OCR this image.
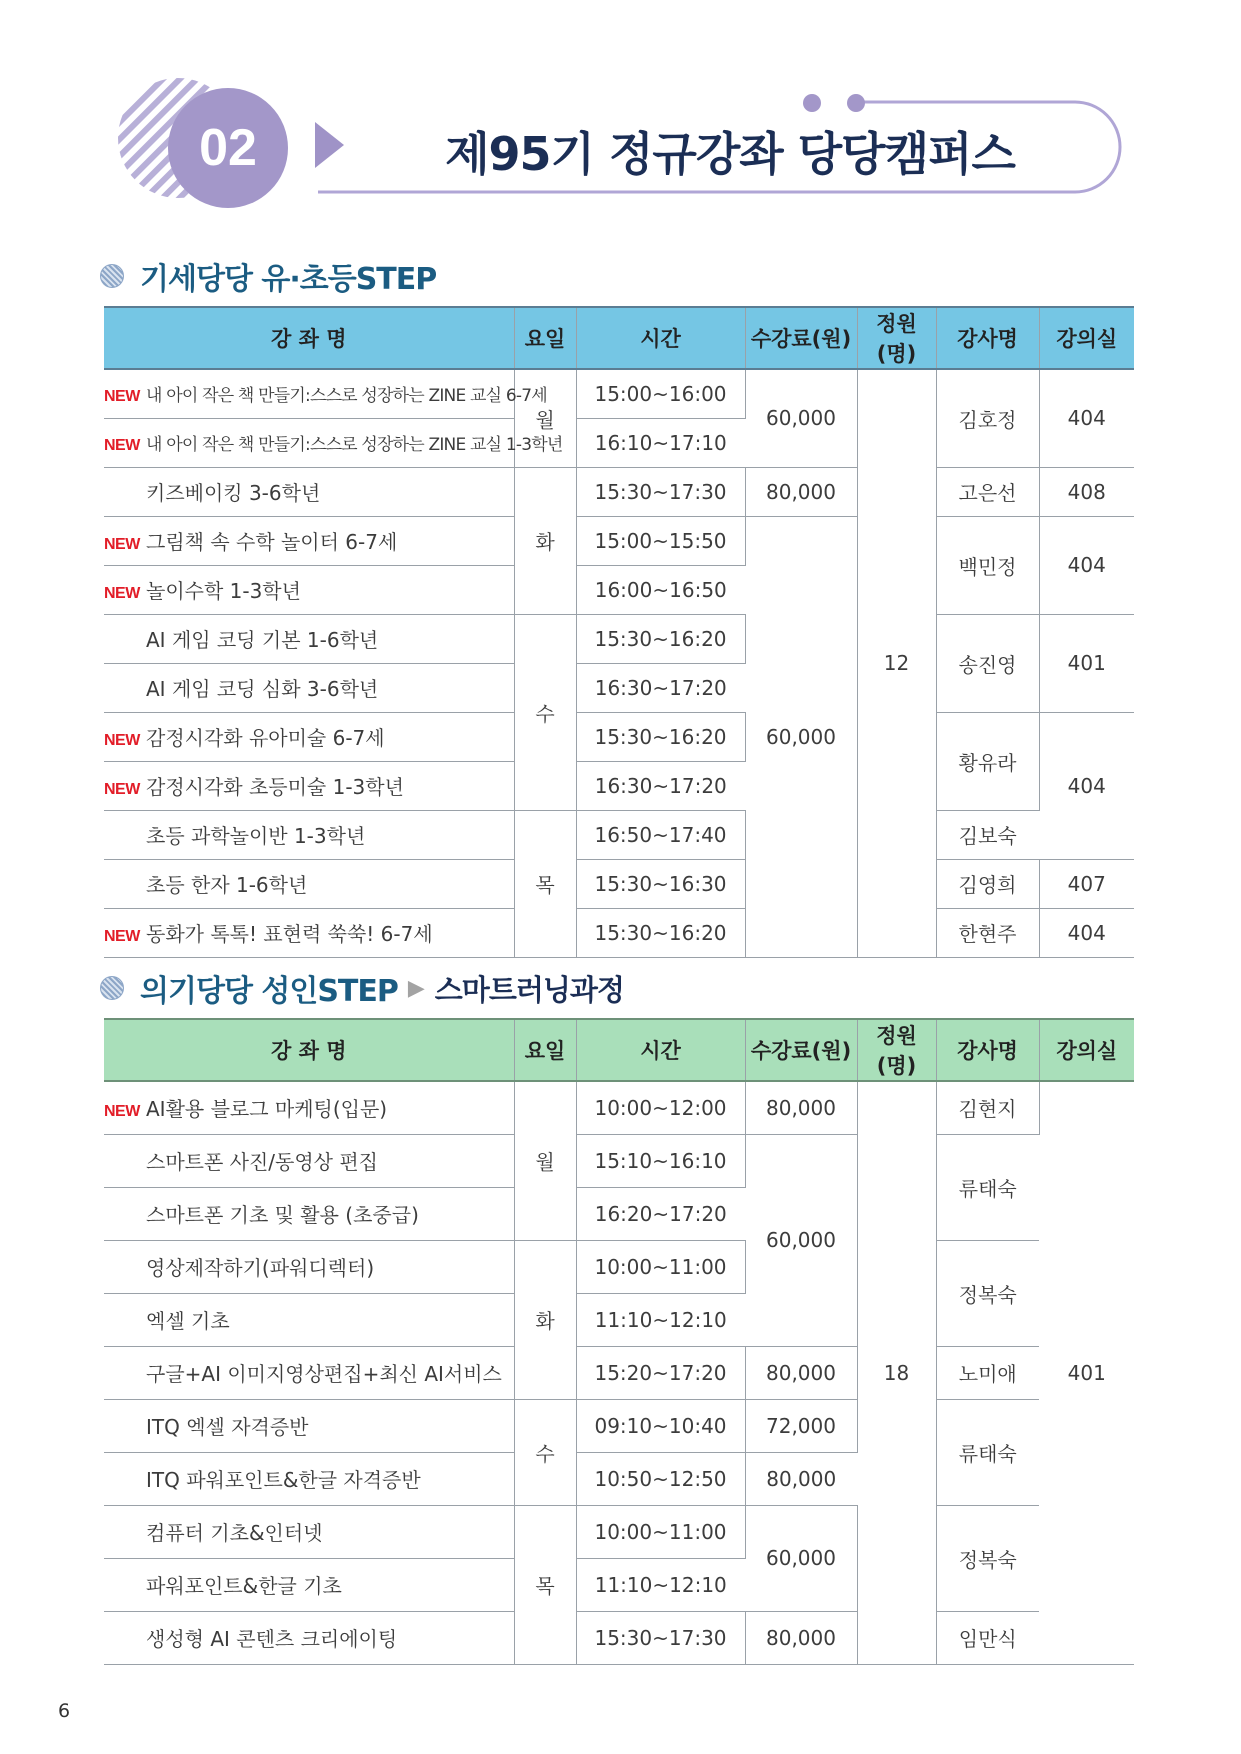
02	제95기 정규강좌 당당캠퍼스
기세당당 유·초등STEP
강 좌 명	요일	시간	수강료(원)	정원(명)	강사명	강의실
NEW 내 아이 작은 책 만들기:스스로 성장하는 ZINE 교실 6-7세	월	15:00~16:00	60,000	12	김호정	404
NEW 내 아이 작은 책 만들기:스스로 성장하는 ZINE 교실 1-3학년		16:10~17:10				
키즈베이킹 3-6학년	화	15:30~17:30	80,000		고은선	408
NEW 그림책 속 수학 놀이터 6-7세		15:00~15:50	60,000		백민정	404
NEW 놀이수학 1-3학년		16:00~16:50				
AI 게임 코딩 기본 1-6학년	수	15:30~16:20			송진영	401
AI 게임 코딩 심화 3-6학년		16:30~17:20				
NEW 감정시각화 유아미술 6-7세		15:30~16:20			황유라	404
NEW 감정시각화 초등미술 1-3학년		16:30~17:20				
초등 과학놀이반 1-3학년	목	16:50~17:40			김보숙	
초등 한자 1-6학년		15:30~16:30			김영희	407
NEW 동화가 톡톡! 표현력 쑥쑥! 6-7세		15:30~16:20			한현주	404
의기당당 성인STEP ▶ 스마트러닝과정
강 좌 명	요일	시간	수강료(원)	정원(명)	강사명	강의실
NEW AI활용 블로그 마케팅(입문)	월	10:00~12:00	80,000	18	김현지	401
스마트폰 사진/동영상 편집		15:10~16:10	60,000		류태숙	
스마트폰 기초 및 활용 (초중급)		16:20~17:20				
영상제작하기(파워디렉터)	화	10:00~11:00			정복숙	
엑셀 기초		11:10~12:10				
구글+AI 이미지영상편집+최신 AI서비스		15:20~17:20	80,000		노미애	
ITQ 엑셀 자격증반	수	09:10~10:40	72,000		류태숙	
ITQ 파워포인트&한글 자격증반		10:50~12:50	80,000			
컴퓨터 기초&인터넷	목	10:00~11:00	60,000		정복숙	
파워포인트&한글 기초		11:10~12:10				
생성형 AI 콘텐츠 크리에이팅		15:30~17:30	80,000		임만식	
6
